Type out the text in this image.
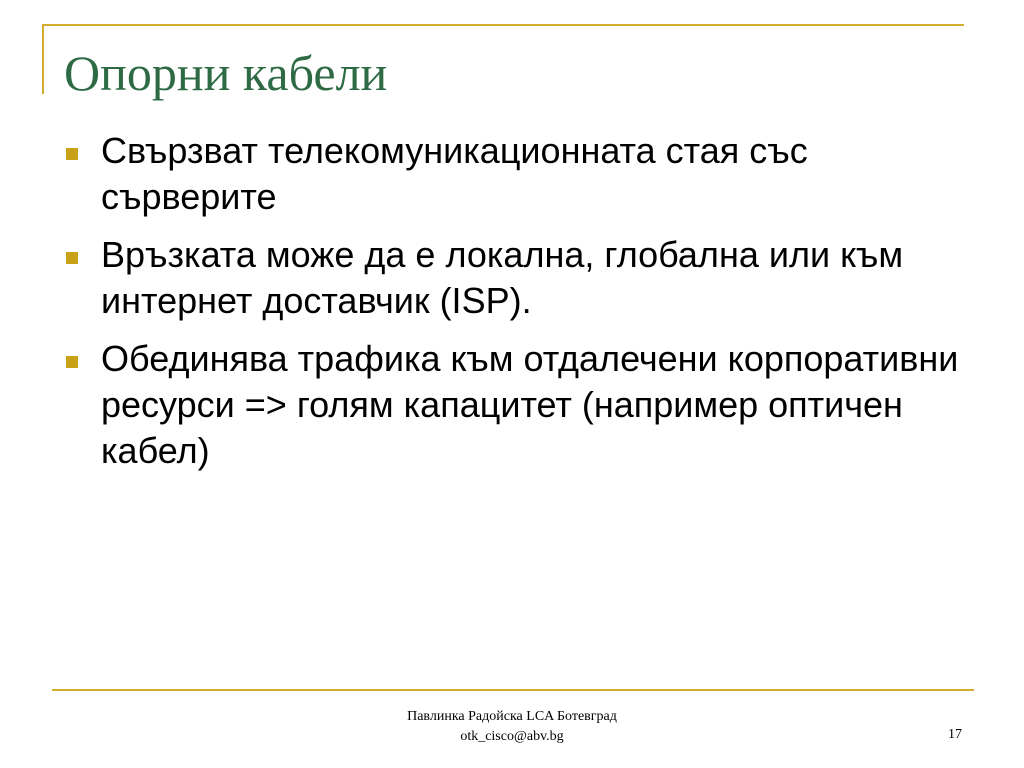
Опорни кабели
Свързват телекомуникационната стая със сърверите
Връзката може да е локална, глобална или към интернет доставчик (ISP).
Обединява трафика към отдалечени корпоративни ресурси => голям капацитет (например оптичен кабел)
Павлинка Радойска LCA Ботевград
otk_cisco@abv.bg	17
